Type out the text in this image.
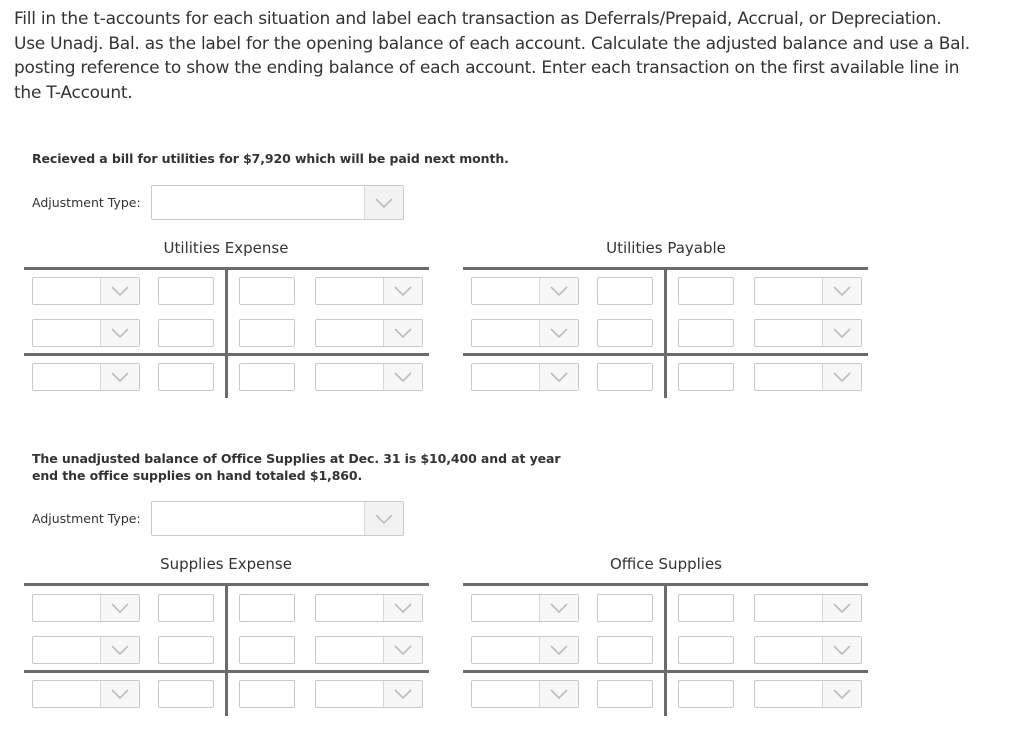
Fill in the t-accounts for each situation and label each transaction as Deferrals/Prepaid, Accrual, or Depreciation. Use Unadj. Bal. as the label for the opening balance of each account. Calculate the adjusted balance and use a Bal. posting reference to show the ending balance of each account. Enter each transaction on the first available line in the T-Account.
Recieved a bill for utilities for $7,920 which will be paid next month.
Adjustment Type:
Utilities Expense	Utilities Payable
The unadjusted balance of Office Supplies at Dec. 31 is $10,400 and at year end the office supplies on hand totaled $1,860.
Adjustment Type:
Supplies Expense	Office Supplies
